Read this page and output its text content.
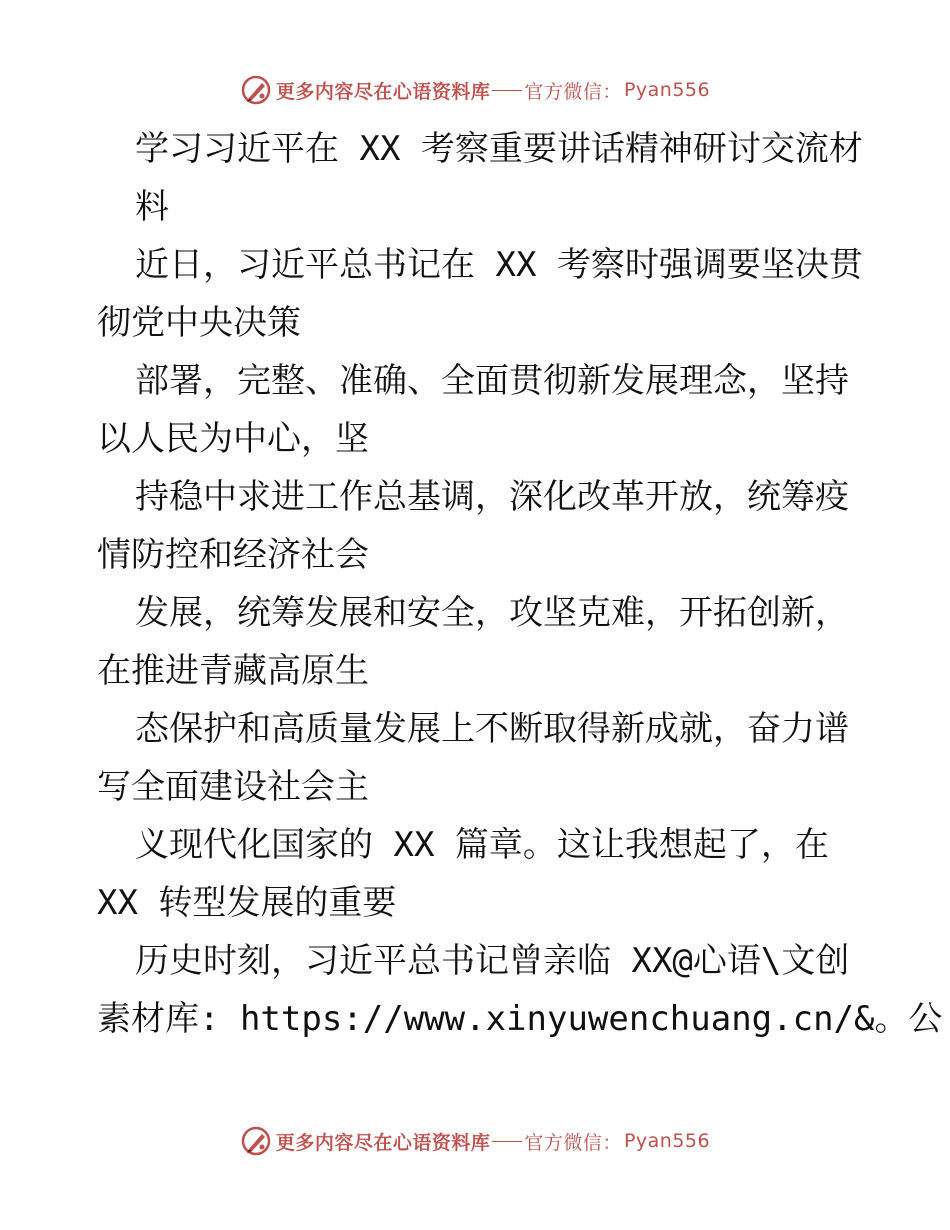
更多内容尽在心语资料库 官方微信： Pyan556

学习习近平在 XX 考察重要讲话精神研讨交流材

料

近日，习近平总书记在 XX 考察时强调要坚决贯

彻党中央决策

部署，完整、准确、全面贯彻新发展理念，坚持

以人民为中心，坚

持稳中求进工作总基调，深化改革开放，统筹疫

情防控和经济社会

发展，统筹发展和安全，攻坚克难，开拓创新，

在推进青藏高原生

态保护和高质量发展上不断取得新成就，奋力谱

写全面建设社会主

义现代化国家的 XX 篇章。这让我想起了，在

XX 转型发展的重要

历史时刻，习近平总书记曾亲临 XX@心语\文创

素材库: https://www.xinyuwenchuang.cn/&。公

更多内容尽在心语资料库 官方微信： Pyan556
